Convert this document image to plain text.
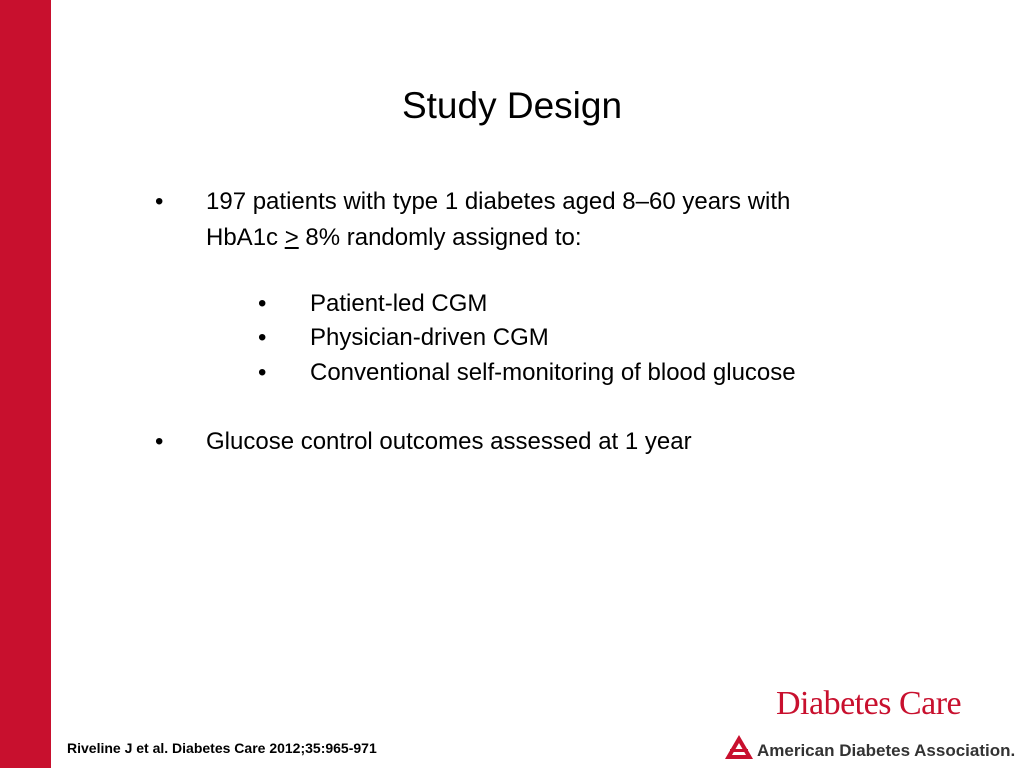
Study Design
• 197 patients with type 1 diabetes aged 8–60 years with
HbA1c ≥ 8% randomly assigned to:
• Patient-led CGM
• Physician-driven CGM
• Conventional self-monitoring of blood glucose
• Glucose control outcomes assessed at 1 year
Riveline J et al. Diabetes Care 2012;35:965-971
Diabetes Care
American Diabetes Association.
